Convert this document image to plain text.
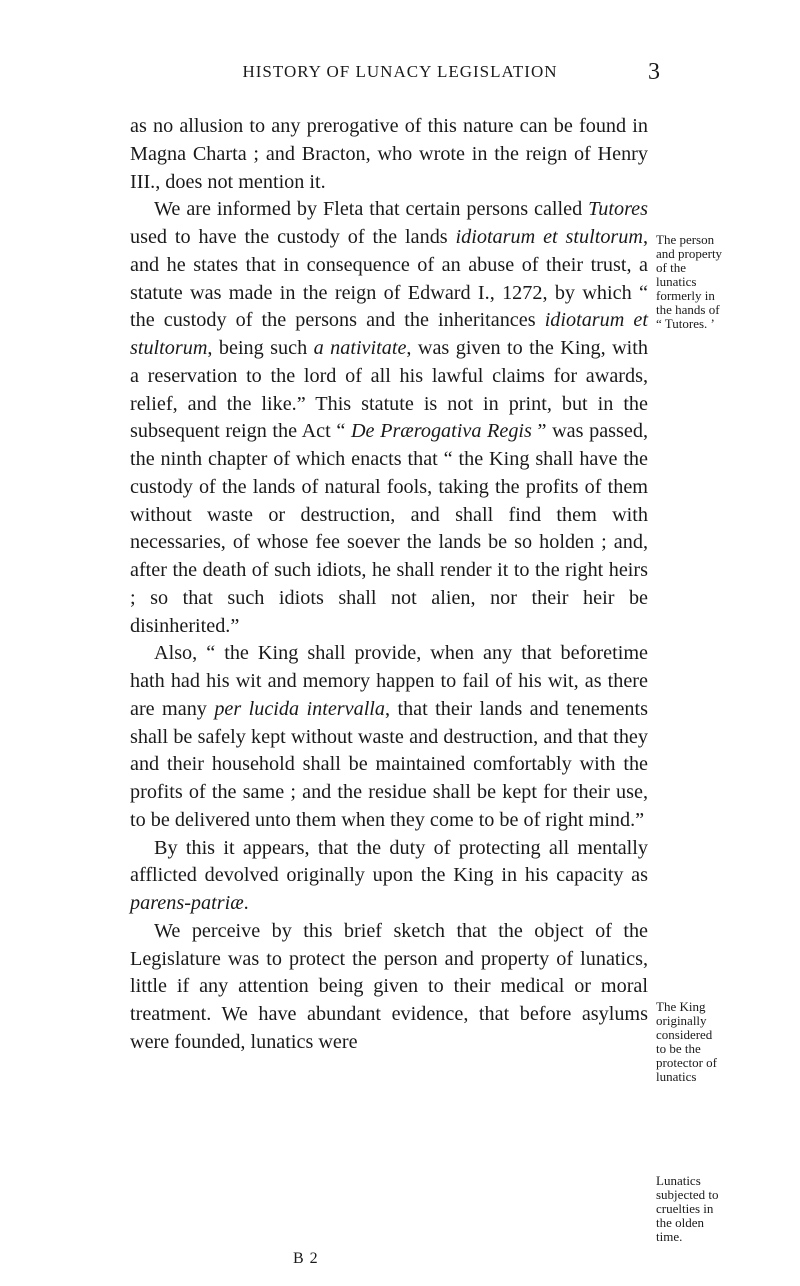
HISTORY OF LUNACY LEGISLATION	3

as no allusion to any prerogative of this nature can be found in Magna Charta ; and Bracton, who wrote in the reign of Henry III., does not mention it.

We are informed by Fleta that certain persons called Tutores used to have the custody of the lands idiotarum et stultorum, and he states that in consequence of an abuse of their trust, a statute was made in the reign of Edward I., 1272, by which “ the custody of the persons and the inheritances idiotarum et stultorum, being such a nativitate, was given to the King, with a reservation to the lord of all his lawful claims for awards, relief, and the like.” This statute is not in print, but in the subsequent reign the Act “ De Prærogativa Regis ” was passed, the ninth chapter of which enacts that “ the King shall have the custody of the lands of natural fools, taking the profits of them without waste or destruction, and shall find them with necessaries, of whose fee soever the lands be so holden ; and, after the death of such idiots, he shall render it to the right heirs ; so that such idiots shall not alien, nor their heir be disinherited.”

Also, “ the King shall provide, when any that beforetime hath had his wit and memory happen to fail of his wit, as there are many per lucida intervalla, that their lands and tenements shall be safely kept without waste and destruction, and that they and their household shall be maintained comfortably with the profits of the same ; and the residue shall be kept for their use, to be delivered unto them when they come to be of right mind.”

By this it appears, that the duty of protecting all mentally afflicted devolved originally upon the King in his capacity as parens-patriæ.

We perceive by this brief sketch that the object of the Legislature was to protect the person and property of lunatics, little if any attention being given to their medical or moral treatment. We have abundant evidence, that before asylums were founded, lunatics were

B 2
The person
and property
of the
lunatics
formerly in
the hands of
“ Tutores. ’
The King
originally
considered
to be the
protector of
lunatics
Lunatics
subjected to
cruelties in
the olden
time.
